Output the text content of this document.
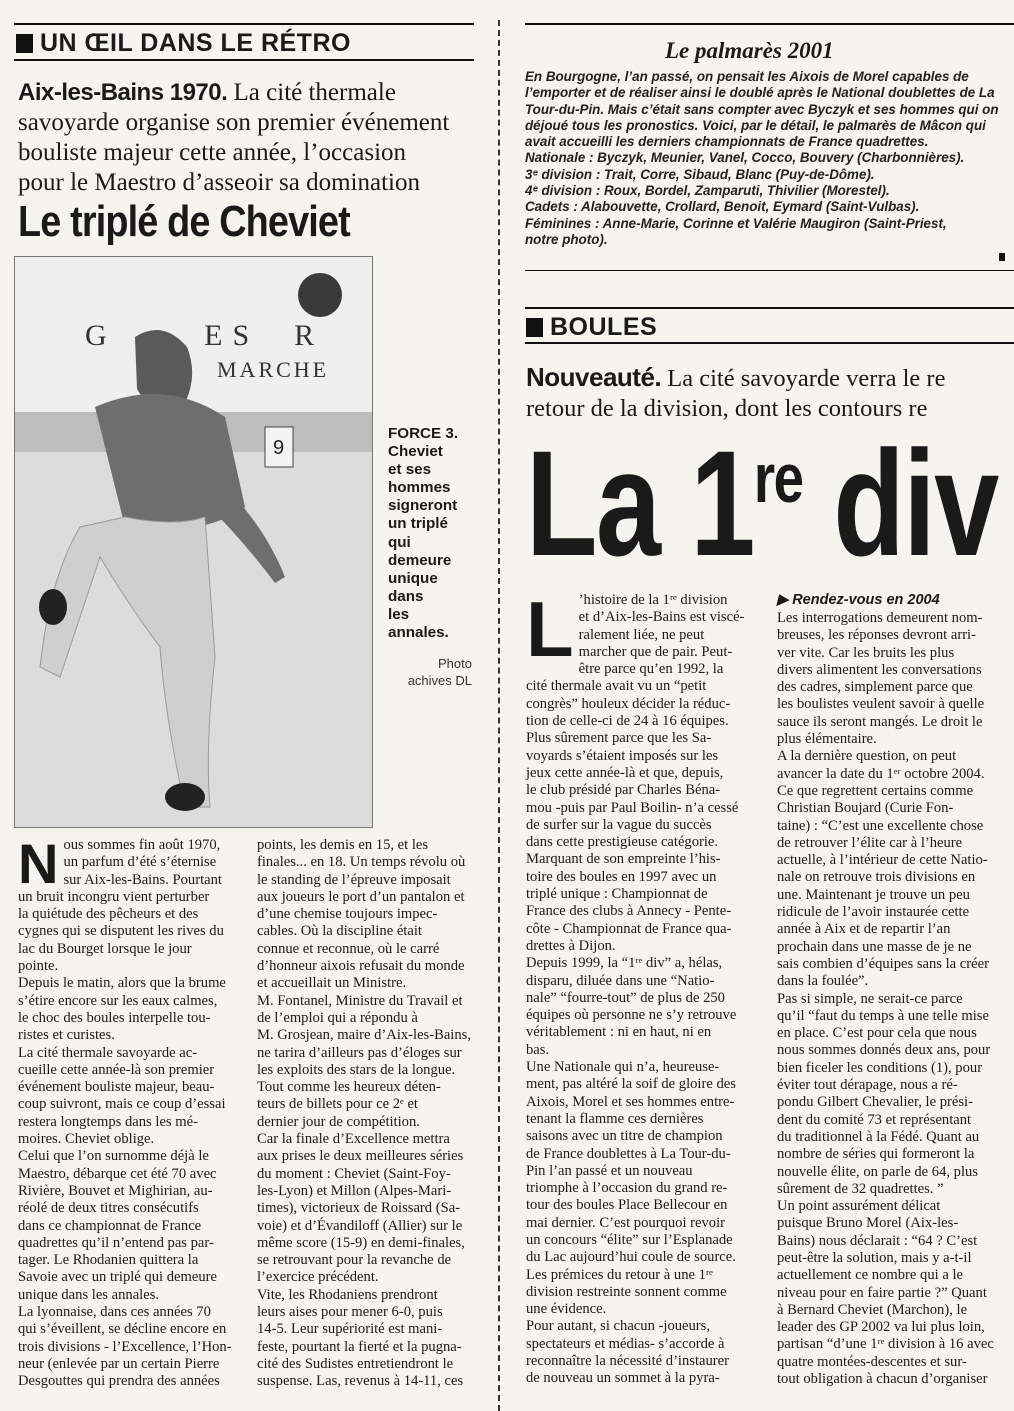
UN ŒIL DANS LE RÉTRO
Aix-les-Bains 1970. La cité thermale
savoyarde organise son premier événement
bouliste majeur cette année, l’occasion
pour le Maestro d’asseoir sa domination
Le triplé de Cheviet
G     ES  R
MARCHE
9
FORCE 3.
Cheviet
et ses
hommes
signeront
un triplé
qui
demeure
unique
dans
les
annales.
Photo
achives DL
N ous sommes fin août 1970,

un parfum d’été s’éternise

sur Aix-les-Bains. Pourtant

un bruit incongru vient perturber

la quiétude des pêcheurs et des

cygnes qui se disputent les rives du

lac du Bourget lorsque le jour

pointe.

Depuis le matin, alors que la brume

s’étire encore sur les eaux calmes,

le choc des boules interpelle tou-

ristes et curistes.

La cité thermale savoyarde ac-

cueille cette année-là son premier

événement bouliste majeur, beau-

coup suivront, mais ce coup d’essai

restera longtemps dans les mé-

moires. Cheviet oblige.

Celui que l’on surnomme déjà le

Maestro, débarque cet été 70 avec

Rivière, Bouvet et Mighirian, au-

réolé de deux titres consécutifs

dans ce championnat de France

quadrettes qu’il n’entend pas par-

tager. Le Rhodanien quittera la

Savoie avec un triplé qui demeure

unique dans les annales.

La lyonnaise, dans ces années 70

qui s’éveillent, se décline encore en

trois divisions - l’Excellence, l’Hon-

neur (enlevée par un certain Pierre

Desgouttes qui prendra des années

points, les demis en 15, et les

finales... en 18. Un temps révolu où

le standing de l’épreuve imposait

aux joueurs le port d’un pantalon et

d’une chemise toujours impec-

cables. Où la discipline était

connue et reconnue, où le carré

d’honneur aixois refusait du monde

et accueillait un Ministre.

M. Fontanel, Ministre du Travail et

de l’emploi qui a répondu à

M. Grosjean, maire d’Aix-les-Bains,

ne tarira d’ailleurs pas d’éloges sur

les exploits des stars de la longue.

Tout comme les heureux déten-

teurs de billets pour ce 2ᵉ et

dernier jour de compétition.

Car la finale d’Excellence mettra

aux prises le deux meilleures séries

du moment : Cheviet (Saint-Foy-

les-Lyon) et Millon (Alpes-Mari-

times), victorieux de Roissard (Sa-

voie) et d’Évandiloff (Allier) sur le

même score (15-9) en demi-finales,

se retrouvant pour la revanche de

l’exercice précédent.

Vite, les Rhodaniens prendront

leurs aises pour mener 6-0, puis

14-5. Leur supériorité est mani-

feste, pourtant la fierté et la pugna-

cité des Sudistes entretiendront le

suspense. Las, revenus à 14-11, ces

Le palmarès 2001

En Bourgogne, l’an passé, on pensait les Aixois de Morel capables de

l’emporter et de réaliser ainsi le doublé après le National doublettes de La

Tour-du-Pin. Mais c’était sans compter avec Byczyk et ses hommes qui on

déjoué tous les pronostics. Voici, par le détail, le palmarès de Mâcon qui

avait accueilli les derniers championnats de France quadrettes.

Nationale : Byczyk, Meunier, Vanel, Cocco, Bouvery (Charbonnières).

3ᵉ division : Trait, Corre, Sibaud, Blanc (Puy-de-Dôme).

4ᵉ division : Roux, Bordel, Zamparuti, Thivilier (Morestel).

Cadets : Alabouvette, Crollard, Benoit, Eymard (Saint-Vulbas).

Féminines : Anne-Marie, Corinne et Valérie Maugiron (Saint-Priest,

notre photo).

BOULES
Nouveauté. La cité savoyarde verra le re
retour de la division, dont les contours re
La 1re div
L ’histoire de la 1ʳᵉ division

et d’Aix-les-Bains est viscé-

ralement liée, ne peut

marcher que de pair. Peut-

être parce qu’en 1992, la

cité thermale avait vu un “petit

congrès” houleux décider la réduc-

tion de celle-ci de 24 à 16 équipes.

Plus sûrement parce que les Sa-

voyards s’étaient imposés sur les

jeux cette année-là et que, depuis,

le club présidé par Charles Béna-

mou -puis par Paul Boilin- n’a cessé

de surfer sur la vague du succès

dans cette prestigieuse catégorie.

Marquant de son empreinte l’his-

toire des boules en 1997 avec un

triplé unique : Championnat de

France des clubs à Annecy - Pente-

côte - Championnat de France qua-

drettes à Dijon.

Depuis 1999, la “1ʳᵉ div” a, hélas,

disparu, diluée dans une “Natio-

nale” “fourre-tout” de plus de 250

équipes où personne ne s’y retrouve

véritablement : ni en haut, ni en

bas.

Une Nationale qui n’a, heureuse-

ment, pas altéré la soif de gloire des

Aixois, Morel et ses hommes entre-

tenant la flamme ces dernières

saisons avec un titre de champion

de France doublettes à La Tour-du-

Pin l’an passé et un nouveau

triomphe à l’occasion du grand re-

tour des boules Place Bellecour en

mai dernier. C’est pourquoi revoir

un concours “élite” sur l’Esplanade

du Lac aujourd’hui coule de source.

Les prémices du retour à une 1ʳᵉ

division restreinte sonnent comme

une évidence.

Pour autant, si chacun -joueurs,

spectateurs et médias- s’accorde à

reconnaître la nécessité d’instaurer

de nouveau un sommet à la pyra-

▶ Rendez-vous en 2004

Les interrogations demeurent nom-

breuses, les réponses devront arri-

ver vite. Car les bruits les plus

divers alimentent les conversations

des cadres, simplement parce que

les boulistes veulent savoir à quelle

sauce ils seront mangés. Le droit le

plus élémentaire.

A la dernière question, on peut

avancer la date du 1ᵉʳ octobre 2004.

Ce que regrettent certains comme

Christian Boujard (Curie Fon-

taine) : “C’est une excellente chose

de retrouver l’élite car à l’heure

actuelle, à l’intérieur de cette Natio-

nale on retrouve trois divisions en

une. Maintenant je trouve un peu

ridicule de l’avoir instaurée cette

année à Aix et de repartir l’an

prochain dans une masse de je ne

sais combien d’équipes sans la créer

dans la foulée”.

Pas si simple, ne serait-ce parce

qu’il “faut du temps à une telle mise

en place. C’est pour cela que nous

nous sommes donnés deux ans, pour

bien ficeler les conditions (1), pour

éviter tout dérapage, nous a ré-

pondu Gilbert Chevalier, le prési-

dent du comité 73 et représentant

du traditionnel à la Fédé. Quant au

nombre de séries qui formeront la

nouvelle élite, on parle de 64, plus

sûrement de 32 quadrettes. ”

Un point assurément délicat

puisque Bruno Morel (Aix-les-

Bains) nous déclarait : “64 ? C’est

peut-être la solution, mais y a-t-il

actuellement ce nombre qui a le

niveau pour en faire partie ?” Quant

à Bernard Cheviet (Marchon), le

leader des GP 2002 va lui plus loin,

partisan “d’une 1ʳᵉ division à 16 avec

quatre montées-descentes et sur-

tout obligation à chacun d’organiser
